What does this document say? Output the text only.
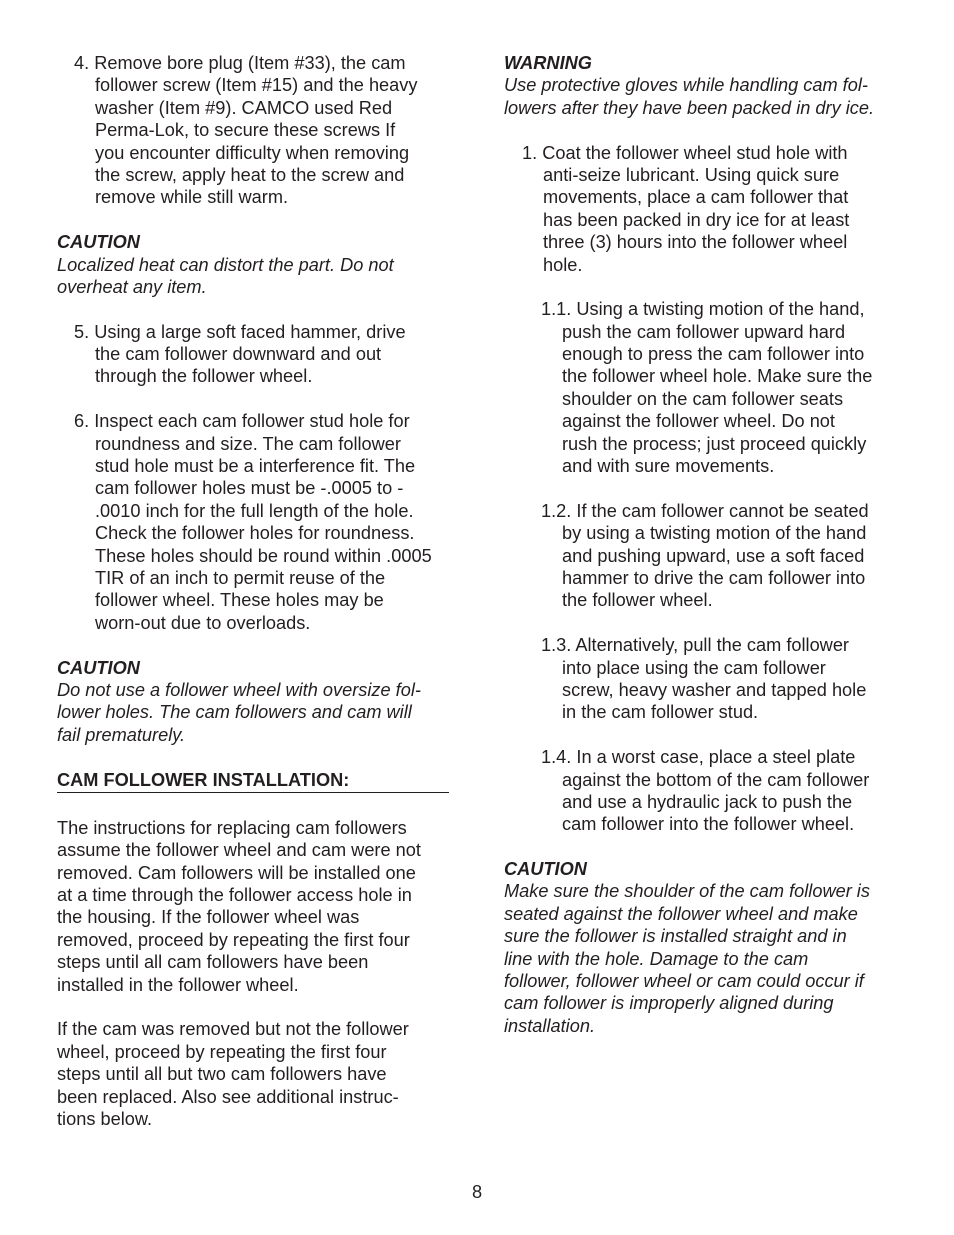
4. Remove bore plug (Item #33), the cam
follower screw (Item #15) and the heavy
washer (Item #9). CAMCO used Red
Perma-Lok, to secure these screws If
you encounter difficulty when removing
the screw, apply heat to the screw and
remove while still warm.
CAUTION
Localized heat can distort the part. Do not
overheat any item.
5. Using a large soft faced hammer, drive
the cam follower downward and out
through the follower wheel.
6. Inspect each cam follower stud hole for
roundness and size. The cam follower
stud hole must be a interference fit. The
cam follower holes must be -.0005 to -
.0010 inch for the full length of the hole.
Check the follower holes for roundness.
These holes should be round within .0005
TIR of an inch to permit reuse of the
follower wheel. These holes may be
worn-out due to overloads.
CAUTION
Do not use a follower wheel with oversize fol-
lower holes. The cam followers and cam will
fail prematurely.
CAM FOLLOWER INSTALLATION:
The instructions for replacing cam followers
assume the follower wheel and cam were not
removed. Cam followers will be installed one
at a time through the follower access hole in
the housing. If the follower wheel was
removed, proceed by repeating the first four
steps until all cam followers have been
installed in the follower wheel.
If the cam was removed but not the follower
wheel, proceed by repeating the first four
steps until all but two cam followers have
been replaced. Also see additional instruc-
tions below.
WARNING
Use protective gloves while handling cam fol-
lowers after they have been packed in dry ice.
1. Coat the follower wheel stud hole with
anti-seize lubricant. Using quick sure
movements, place a cam follower that
has been packed in dry ice for at least
three (3) hours into the follower wheel
hole.
1.1. Using a twisting motion of the hand,
push the cam follower upward hard
enough to press the cam follower into
the follower wheel hole. Make sure the
shoulder on the cam follower seats
against the follower wheel. Do not
rush the process; just proceed quickly
and with sure movements.
1.2. If the cam follower cannot be seated
by using a twisting motion of the hand
and pushing upward, use a soft faced
hammer to drive the cam follower into
the follower wheel.
1.3. Alternatively, pull the cam follower
into place using the cam follower
screw, heavy washer and tapped hole
in the cam follower stud.
1.4. In a worst case, place a steel plate
against the bottom of the cam follower
and use a hydraulic jack to push the
cam follower into the follower wheel.
CAUTION
Make sure the shoulder of the cam follower is
seated against the follower wheel and make
sure the follower is installed straight and in
line with the hole. Damage to the cam
follower, follower wheel or cam could occur if
cam follower is improperly aligned during
installation.
8
